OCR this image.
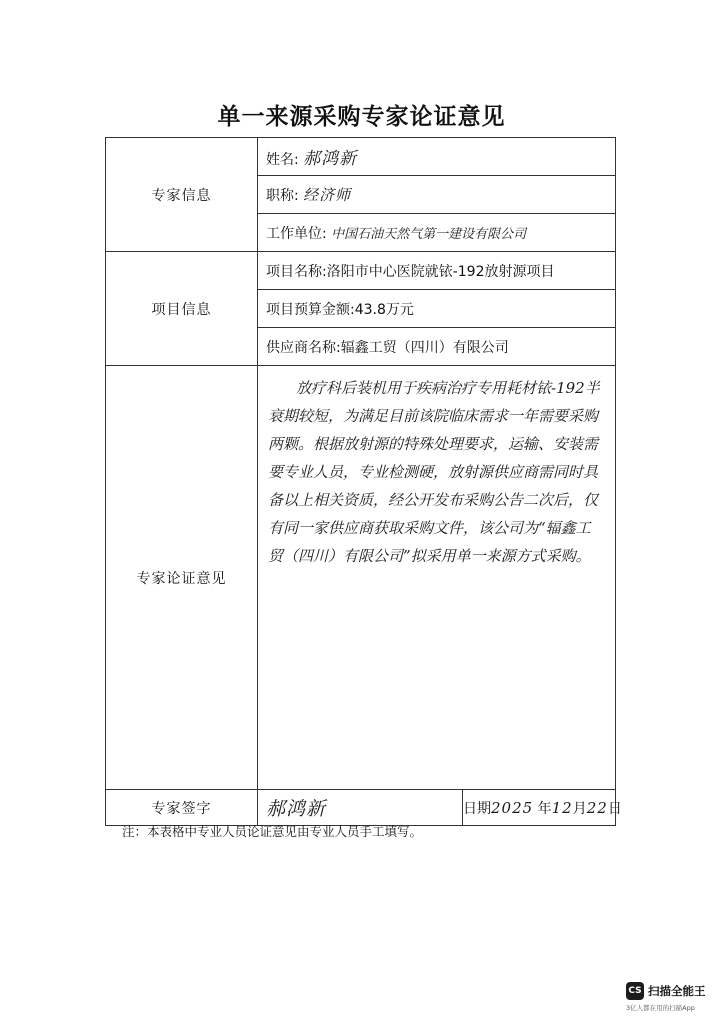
单一来源采购专家论证意见
专家信息	姓名: 郝鸿新	
	职称: 经济师	
	工作单位: 中国石油天然气第一建设有限公司	
项目信息	项目名称:洛阳市中心医院就铱-192放射源项目	
	项目预算金额:43.8万元	
	供应商名称:辐鑫工贸（四川）有限公司	
专家论证意见	放疗科后装机用于疾病治疗专用耗材铱-192半衰期较短，为满足目前该院临床需求一年需要采购两颗。根据放射源的特殊处理要求，运输、安装需要专业人员，专业检测硬，放射源供应商需同时具备以上相关资质，经公开发布采购公告二次后，仅有同一家供应商获取采购文件，该公司为“辐鑫工贸（四川）有限公司”拟采用单一来源方式采购。	

专家签字	郝鸿新	日期2025 年12月22日
注：本表格中专业人员论证意见由专业人员手工填写。
CS 扫描全能王
3亿人都在用的扫描App
